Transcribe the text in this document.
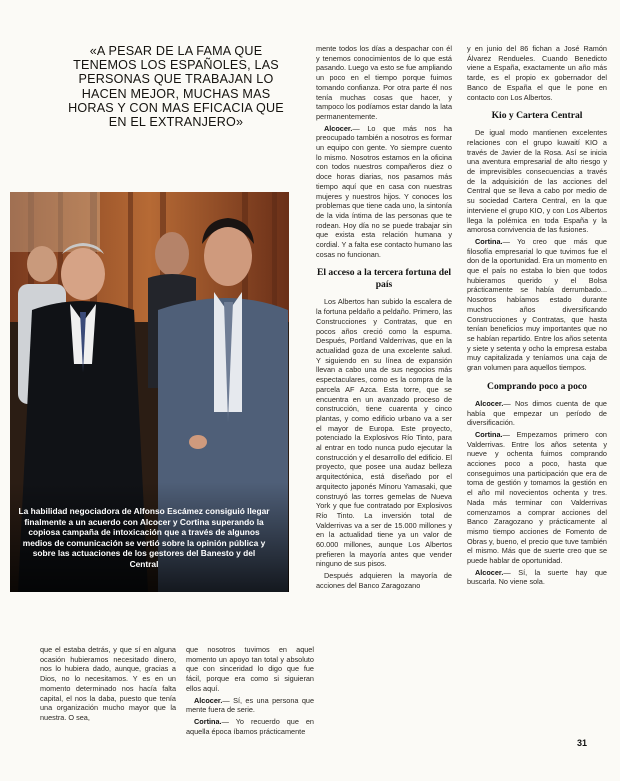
«A PESAR DE LA FAMA QUE TENEMOS LOS ESPAÑOLES, LAS PERSONAS QUE TRABAJAN LO HACEN MEJOR, MUCHAS MAS HORAS Y CON MAS EFICACIA QUE EN EL EXTRANJERO»
La habilidad negociadora de Alfonso Escámez consiguió llegar finalmente a un acuerdo con Alcocer y Cortina superando la copiosa campaña de intoxicación que a través de algunos medios de comunicación se vertió sobre la opinión pública y sobre las actuaciones de los gestores del Banesto y del Central

mente todos los días a despachar con él y tenemos conocimientos de lo que está pasando. Luego va esto se fue ampliando un poco en el tiempo porque fuimos tomando confianza. Por otra parte él nos tenía muchas cosas que hacer, y tampoco los podíamos estar dando la lata permanentemente.

Alcocer.— Lo que más nos ha preocupado también a nosotros es formar un equipo con gente. Yo siempre cuento lo mismo. Nosotros estamos en la oficina con todos nuestros compañeros diez o doce horas diarias, nos pasamos más tiempo aquí que en casa con nuestras mujeres y nuestros hijos. Y conoces los problemas que tiene cada uno, la sintonía de la vida íntima de las personas que te rodean. Hoy día no se puede trabajar sin que exista esta relación humana y cordial. Y a falta ese contacto humano las cosas no funcionan.

El acceso a la tercera fortuna del país

Los Albertos han subido la escalera de la fortuna peldaño a peldaño. Primero, las Construcciones y Contratas, que en pocos años creció como la espuma. Después, Portland Valderrivas, que en la actualidad goza de una excelente salud. Y siguiendo en su línea de expansión llevan a cabo una de sus negocios más espectaculares, como es la compra de la parcela AF Azca. Esta torre, que se encuentra en un avanzado proceso de construcción, tiene cuarenta y cinco plantas, y como edificio urbano va a ser el mayor de Europa. Este proyecto, potenciado la Explosivos Río Tinto, para al entrar en todo nunca pudo ejecutar la construcción y el desarrollo del edificio. El proyecto, que posee una audaz belleza arquitectónica, está diseñado por el arquitecto japonés Minoru Yamasaki, que construyó las torres gemelas de Nueva York y que fue contratado por Explosivos Río Tinto. La inversión total de Valderrivas va a ser de 15.000 millones y en la actualidad tiene ya un valor de 60.000 millones, aunque Los Albertos prefieren la mayoría antes que vender ninguno de sus pisos.

Después adquieren la mayoría de acciones del Banco Zaragozano

y en junio del 86 fichan a José Ramón Álvarez Rendueles. Cuando Benedicto viene a España, exactamente un año más tarde, es el propio ex gobernador del Banco de España el que le pone en contacto con Los Albertos.

Kio y Cartera Central

De igual modo mantienen excelentes relaciones con el grupo kuwaití KIO a través de Javier de la Rosa. Así se inicia una aventura empresarial de alto riesgo y de imprevisibles consecuencias a través de la adquisición de las acciones del Central que se lleva a cabo por medio de su sociedad Cartera Central, en la que interviene el grupo KIO, y con Los Albertos llega la polémica en toda España y la amorosa convivencia de las fusiones.

Cortina.— Yo creo que más que filosofía empresarial lo que tuvimos fue el don de la oportunidad. Era un momento en que el país no estaba lo bien que todos hubieramos querido y el Bolsa prácticamente se había derrumbado... Nosotros habíamos estado durante muchos años diversificando Construcciones y Contratas, que hasta tenían beneficios muy importantes que no se habían repartido. Entre los años setenta y siete y setenta y ocho la empresa estaba muy capitalizada y teníamos una caja de gran volumen para aquellos tiempos.

Comprando poco a poco

Alcocer.— Nos dimos cuenta de que había que empezar un período de diversificación.

Cortina.— Empezamos primero con Valderrivas. Entre los años setenta y nueve y ochenta fuimos comprando acciones poco a poco, hasta que conseguimos una participación que era de toma de gestión y tomamos la gestión en el año mil novecientos ochenta y tres. Nada más terminar con Valderrivas comenzamos a comprar acciones del Banco Zaragozano y prácticamente al mismo tiempo acciones de Fomento de Obras y, bueno, el precio que tuve también el mismo. Más que de suerte creo que se puede hablar de oportunidad.

Alcocer.— Sí, la suerte hay que buscarla. No viene sola.

que el estaba detrás, y que sí en alguna ocasión hubieramos necesitado dinero, nos lo hubiera dado, aunque, gracias a Dios, no lo necesitamos. Y es en un momento determinado nos hacía falta capital, el nos la daba, puesto que tenía una organización mucho mayor que la nuestra. O sea,

que nosotros tuvimos en aquel momento un apoyo tan total y absoluto que con sinceridad lo digo que fue fácil, porque era como si siguieran ellos aquí.

Alcocer.— Sí, es una persona que mente fuera de serie.

Cortina.— Yo recuerdo que en aquella época íbamos prácticamente

31
